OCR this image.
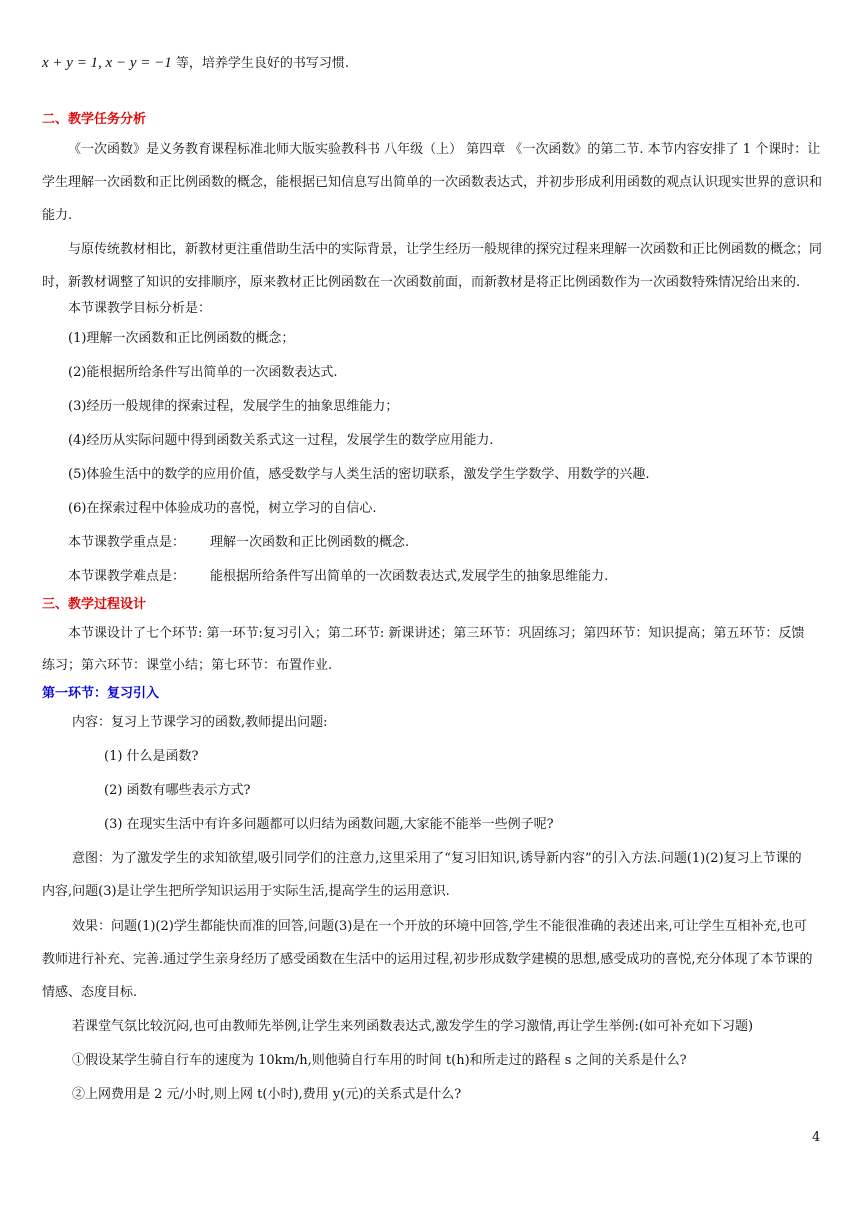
x + y = 1, x − y = −1 等，培养学生良好的书写习惯.
二、教学任务分析
《一次函数》是义务教育课程标准北师大版实验教科书 八年级（上） 第四章 《一次函数》的第二节. 本节内容安排了 1 个课时：让
学生理解一次函数和正比例函数的概念，能根据已知信息写出简单的一次函数表达式，并初步形成利用函数的观点认识现实世界的意识和
能力.
与原传统教材相比，新教材更注重借助生活中的实际背景，让学生经历一般规律的探究过程来理解一次函数和正比例函数的概念；同
时，新教材调整了知识的安排顺序，原来教材正比例函数在一次函数前面，而新教材是将正比例函数作为一次函数特殊情况给出来的.
本节课教学目标分析是：
(1)理解一次函数和正比例函数的概念；
(2)能根据所给条件写出简单的一次函数表达式.
(3)经历一般规律的探索过程，发展学生的抽象思维能力；
(4)经历从实际问题中得到函数关系式这一过程，发展学生的数学应用能力.
(5)体验生活中的数学的应用价值，感受数学与人类生活的密切联系，激发学生学数学、用数学的兴趣.
(6)在探索过程中体验成功的喜悦，树立学习的自信心.
本节课教学重点是： 理解一次函数和正比例函数的概念.
本节课教学难点是： 能根据所给条件写出简单的一次函数表达式,发展学生的抽象思维能力.
三、教学过程设计
本节课设计了七个环节: 第一环节:复习引入；第二环节: 新课讲述；第三环节：巩固练习；第四环节：知识提高；第五环节：反馈
练习；第六环节：课堂小结；第七环节：布置作业.
第一环节：复习引入
内容：复习上节课学习的函数,教师提出问题:
(1) 什么是函数?
(2) 函数有哪些表示方式?
(3) 在现实生活中有许多问题都可以归结为函数问题,大家能不能举一些例子呢?
意图：为了激发学生的求知欲望,吸引同学们的注意力,这里采用了“复习旧知识,诱导新内容”的引入方法.问题(1)(2)复习上节课的
内容,问题(3)是让学生把所学知识运用于实际生活,提高学生的运用意识.
效果：问题(1)(2)学生都能快而准的回答,问题(3)是在一个开放的环境中回答,学生不能很准确的表述出来,可让学生互相补充,也可
教师进行补充、完善.通过学生亲身经历了感受函数在生活中的运用过程,初步形成数学建模的思想,感受成功的喜悦,充分体现了本节课的
情感、态度目标.
若课堂气氛比较沉闷,也可由教师先举例,让学生来列函数表达式,激发学生的学习激情,再让学生举例:(如可补充如下习题)
①假设某学生骑自行车的速度为 10km/h,则他骑自行车用的时间 t(h)和所走过的路程 s 之间的关系是什么?
②上网费用是 2 元/小时,则上网 t(小时),费用 y(元)的关系式是什么?
4
